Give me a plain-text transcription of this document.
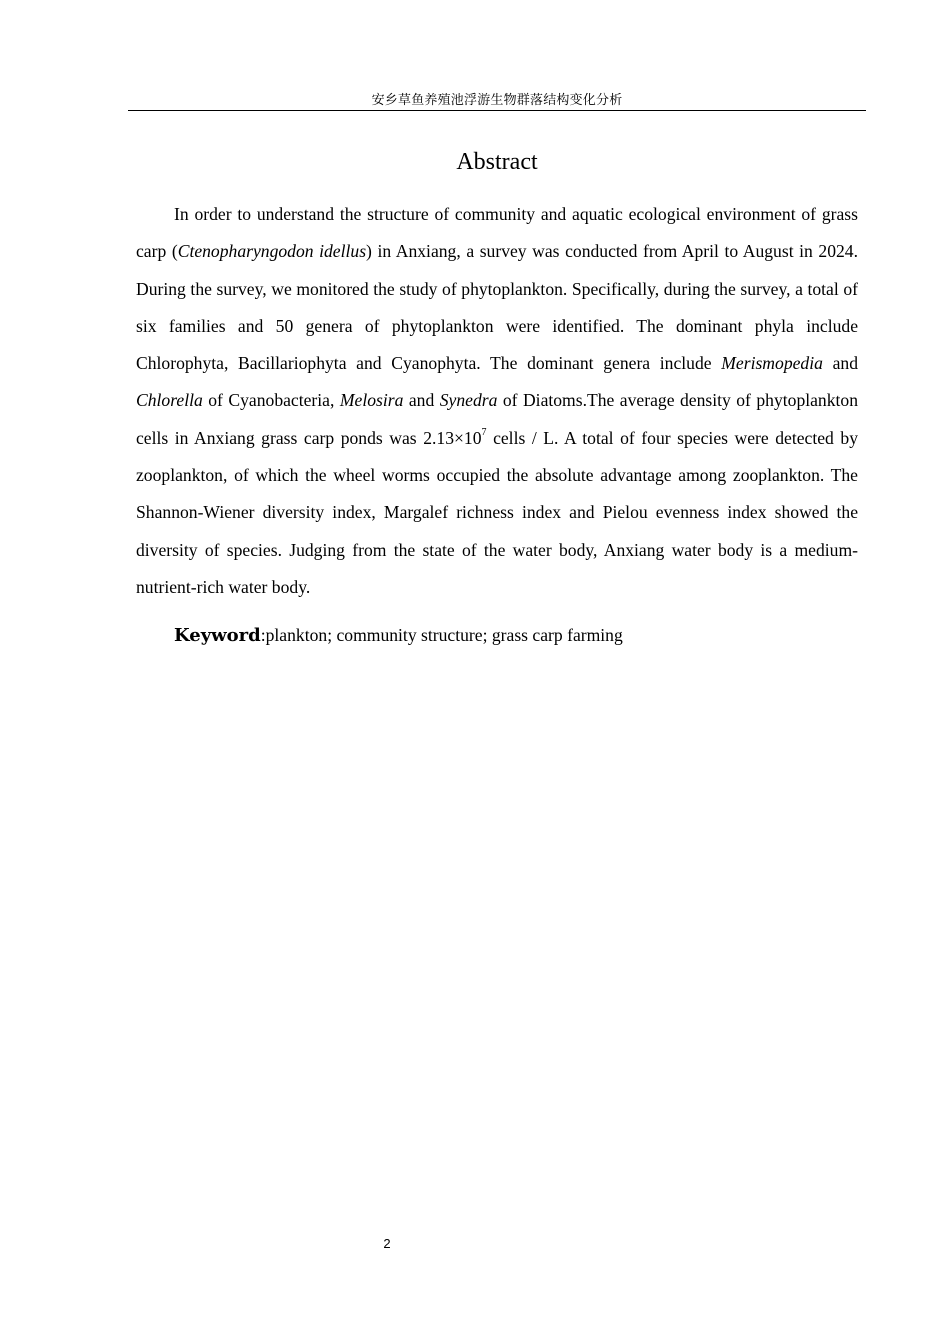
安乡草鱼养殖池浮游生物群落结构变化分析
Abstract

In order to understand the structure of community and aquatic ecological environment of grass carp (Ctenopharyngodon idellus) in Anxiang, a survey was conducted from April to August in 2024. During the survey, we monitored the study of phytoplankton. Specifically, during the survey, a total of six families and 50 genera of phytoplankton were identified. The dominant phyla include Chlorophyta, Bacillariophyta and Cyanophyta. The dominant genera include Merismopedia and Chlorella of Cyanobacteria, Melosira and Synedra of Diatoms.The average density of phytoplankton cells in Anxiang grass carp ponds was $2.13\times 10^7$ cells / L. A total of four species were detected by zooplankton, of which the wheel worms occupied the absolute advantage among zooplankton. The Shannon-Wiener diversity index, Margalef richness index and Pielou evenness index showed the diversity of species. Judging from the state of the water body, Anxiang water body is a medium-nutrient-rich water body.

Keyword:plankton; community structure; grass carp farming

2
